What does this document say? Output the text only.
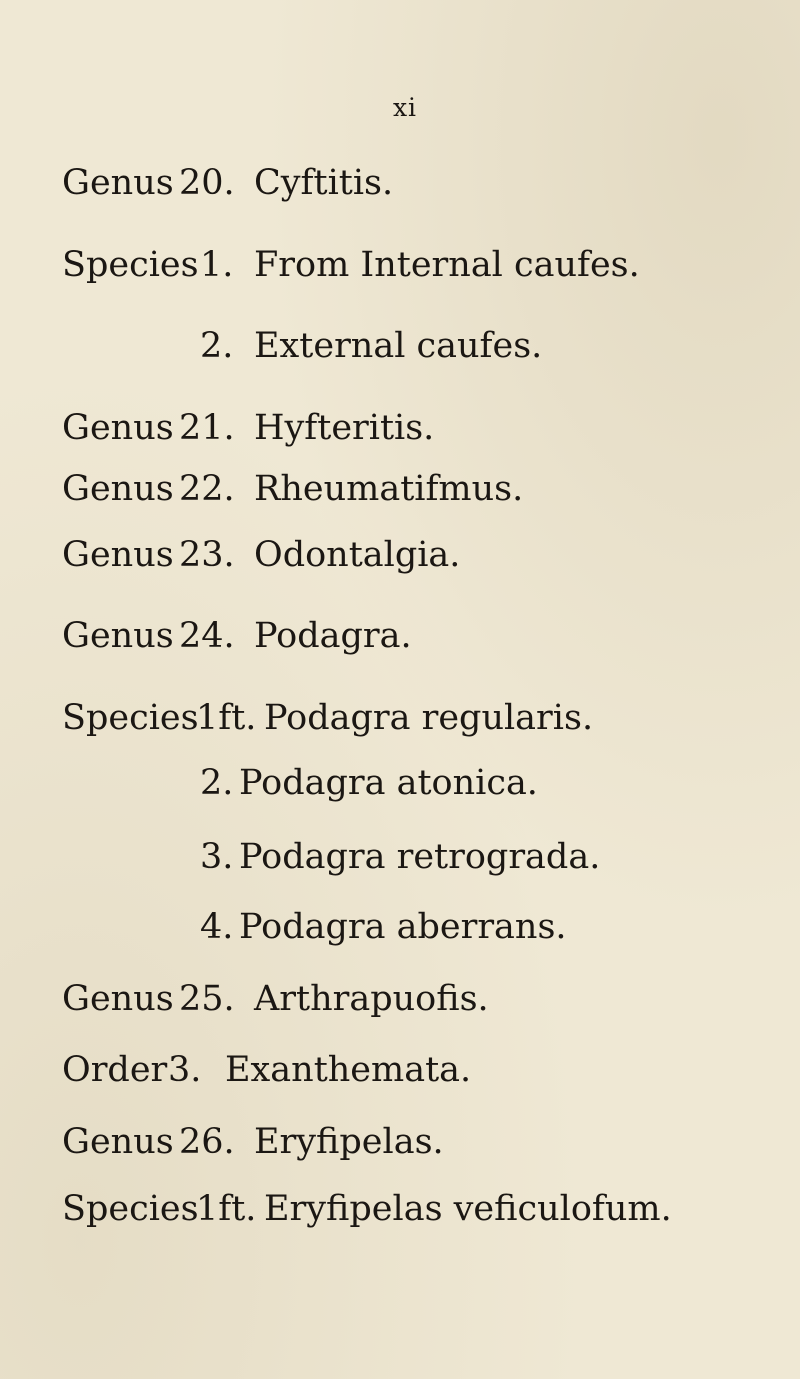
xi
Genus 20. Cyftitis.
Species 1. From Internal caufes.
2. External caufes.
Genus 21. Hyfteritis.
Genus 22. Rheumatifmus.
Genus 23. Odontalgia.
Genus 24. Podagra.
Species
1ft. Podagra regularis.
2. Podagra atonica.
3. Podagra retrograda.
4. Podagra aberrans.
Genus 25. Arthrapuofis.
Order 3. Exanthemata.
Genus 26. Eryfipelas.
Species
1ft. Eryfipelas veficulofum.
